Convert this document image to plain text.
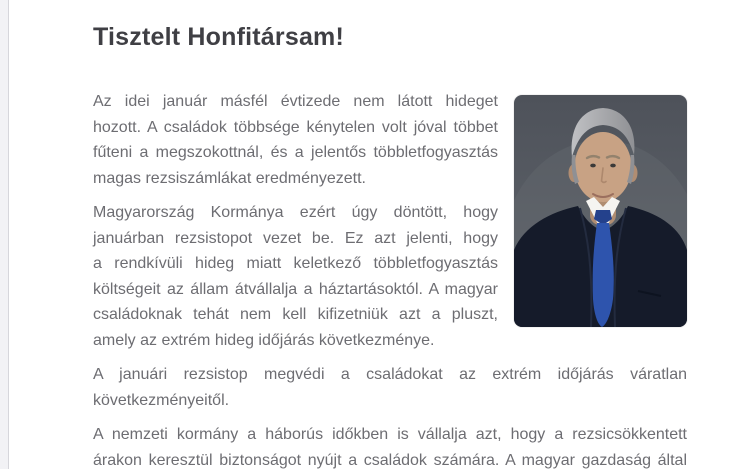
Tisztelt Honfitársam!
Az idei január másfél évtizede nem látott hideget
hozott. A családok többsége kénytelen volt jóval többet
fűteni a megszokottnál, és a jelentős többletfogyasztás
magas rezsiszámlákat eredményezett.
Magyarország Kormánya ezért úgy döntött, hogy
januárban rezsistopot vezet be. Ez azt jelenti, hogy
a rendkívüli hideg miatt keletkező többletfogyasztás
költségeit az állam átvállalja a háztartásoktól. A magyar
családoknak tehát nem kell kifizetniük azt a pluszt,
amely az extrém hideg időjárás következménye.
A januári rezsistop megvédi a családokat az extrém időjárás váratlan
következményeitől.
A nemzeti kormány a háborús időkben is vállalja azt, hogy a rezsicsökkentett
árakon keresztül biztonságot nyújt a családok számára. A magyar gazdaság által
